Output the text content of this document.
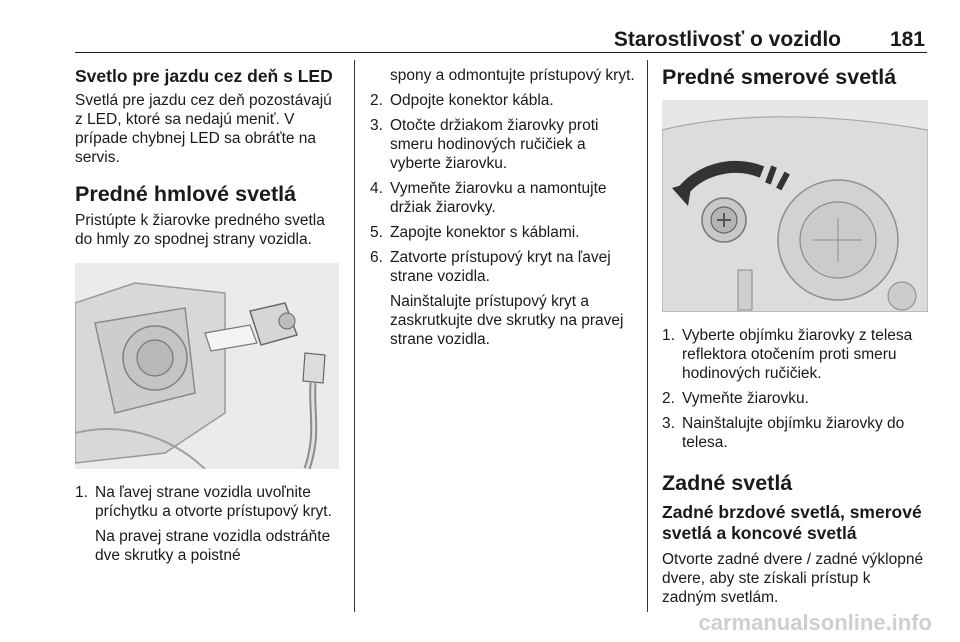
Starostlivosť o vozidlo 181
Svetlo pre jazdu cez deň s LED

Svetlá pre jazdu cez deň pozostávajú z LED, ktoré sa nedajú meniť. V prípade chybnej LED sa obráťte na servis.

Predné hmlové svetlá

Pristúpte k žiarovke predného svetla do hmly zo spodnej strany vozidla.

1. Na ľavej strane vozidla uvoľnite príchytku a otvorte prístupový kryt.

Na pravej strane vozidla odstráňte dve skrutky a poistné

spony a odmontujte prístupový kryt.

2. Odpojte konektor kábla.
3. Otočte držiakom žiarovky proti smeru hodinových ručičiek a vyberte žiarovku.
4. Vymeňte žiarovku a namontujte držiak žiarovky.
5. Zapojte konektor s káblami.
6. Zatvorte prístupový kryt na ľavej strane vozidla.

Nainštalujte prístupový kryt a zaskrutkujte dve skrutky na pravej strane vozidla.

Predné smerové svetlá
1. Vyberte objímku žiarovky z telesa reflektora otočením proti smeru hodinových ručičiek.
2. Vymeňte žiarovku.
3. Nainštalujte objímku žiarovky do telesa.
Zadné svetlá
Zadné brzdové svetlá, smerové svetlá a koncové svetlá

Otvorte zadné dvere / zadné výklopné dvere, aby ste získali prístup k zadným svetlám.

carmanualsonline.info
